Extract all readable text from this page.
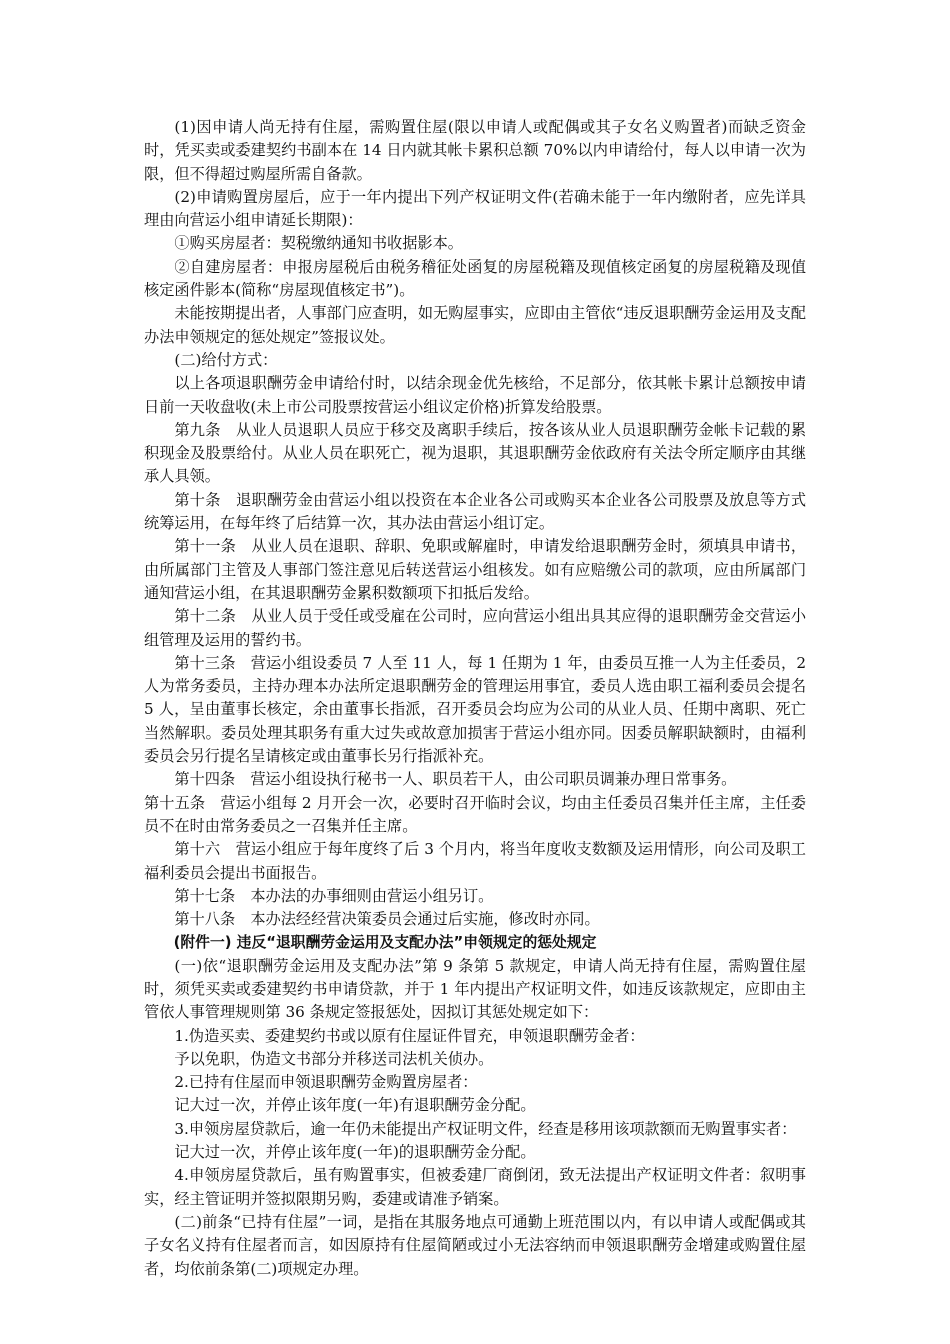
(1)因申请人尚无持有住屋，需购置住屋(限以申请人或配偶或其子女名义购置者)而缺乏资金时，凭买卖或委建契约书副本在 14 日内就其帐卡累积总额 70%以内申请给付，每人以申请一次为限，但不得超过购屋所需自备款。

(2)申请购置房屋后，应于一年内提出下列产权证明文件(若确未能于一年内缴附者，应先详具理由向营运小组申请延长期限)：

①购买房屋者：契税缴纳通知书收据影本。

②自建房屋者：申报房屋税后由税务稽征处函复的房屋税籍及现值核定函复的房屋税籍及现值核定函件影本(简称“房屋现值核定书”)。

未能按期提出者，人事部门应查明，如无购屋事实，应即由主管依“违反退职酬劳金运用及支配办法申领规定的惩处规定”签报议处。

(二)给付方式：

以上各项退职酬劳金申请给付时，以结余现金优先核给，不足部分，依其帐卡累计总额按申请日前一天收盘收(未上市公司股票按营运小组议定价格)折算发给股票。

第九条　从业人员退职人员应于移交及离职手续后，按各该从业人员退职酬劳金帐卡记载的累积现金及股票给付。从业人员在职死亡，视为退职，其退职酬劳金依政府有关法令所定顺序由其继承人具领。

第十条　退职酬劳金由营运小组以投资在本企业各公司或购买本企业各公司股票及放息等方式统筹运用，在每年终了后结算一次，其办法由营运小组订定。

第十一条　从业人员在退职、辞职、免职或解雇时，申请发给退职酬劳金时，须填具申请书，由所属部门主管及人事部门签注意见后转送营运小组核发。如有应赔缴公司的款项，应由所属部门通知营运小组，在其退职酬劳金累积数额项下扣抵后发给。

第十二条　从业人员于受任或受雇在公司时，应向营运小组出具其应得的退职酬劳金交营运小组管理及运用的誓约书。

第十三条　营运小组设委员 7 人至 11 人，每 1 任期为 1 年，由委员互推一人为主任委员，2 人为常务委员，主持办理本办法所定退职酬劳金的管理运用事宜，委员人选由职工福利委员会提名 5 人，呈由董事长核定，余由董事长指派，召开委员会均应为公司的从业人员、任期中离职、死亡当然解职。委员处理其职务有重大过失或故意加损害于营运小组亦同。因委员解职缺额时，由福利委员会另行提名呈请核定或由董事长另行指派补充。

第十四条　营运小组设执行秘书一人、职员若干人，由公司职员调兼办理日常事务。

第十五条　营运小组每 2 月开会一次，必要时召开临时会议，均由主任委员召集并任主席，主任委员不在时由常务委员之一召集并任主席。

第十六　营运小组应于每年度终了后 3 个月内，将当年度收支数额及运用情形，向公司及职工福利委员会提出书面报告。

第十七条　本办法的办事细则由营运小组另订。

第十八条　本办法经经营决策委员会通过后实施，修改时亦同。

(附件一) 违反“退职酬劳金运用及支配办法”申领规定的惩处规定

(一)依“退职酬劳金运用及支配办法”第 9 条第 5 款规定，申请人尚无持有住屋，需购置住屋时，须凭买卖或委建契约书申请贷款，并于 1 年内提出产权证明文件，如违反该款规定，应即由主管依人事管理规则第 36 条规定签报惩处，因拟订其惩处规定如下：

1.伪造买卖、委建契约书或以原有住屋证件冒充，申领退职酬劳金者：

予以免职，伪造文书部分并移送司法机关侦办。

2.已持有住屋而申领退职酬劳金购置房屋者：

记大过一次，并停止该年度(一年)有退职酬劳金分配。

3.申领房屋贷款后，逾一年仍未能提出产权证明文件，经查是移用该项款额而无购置事实者：

记大过一次，并停止该年度(一年)的退职酬劳金分配。

4.申领房屋贷款后，虽有购置事实，但被委建厂商倒闭，致无法提出产权证明文件者：叙明事实，经主管证明并签拟限期另购，委建或请准予销案。

(二)前条“已持有住屋”一词，是指在其服务地点可通勤上班范围以内，有以申请人或配偶或其子女名义持有住屋者而言，如因原持有住屋简陋或过小无法容纳而申领退职酬劳金增建或购置住屋者，均依前条第(二)项规定办理。
